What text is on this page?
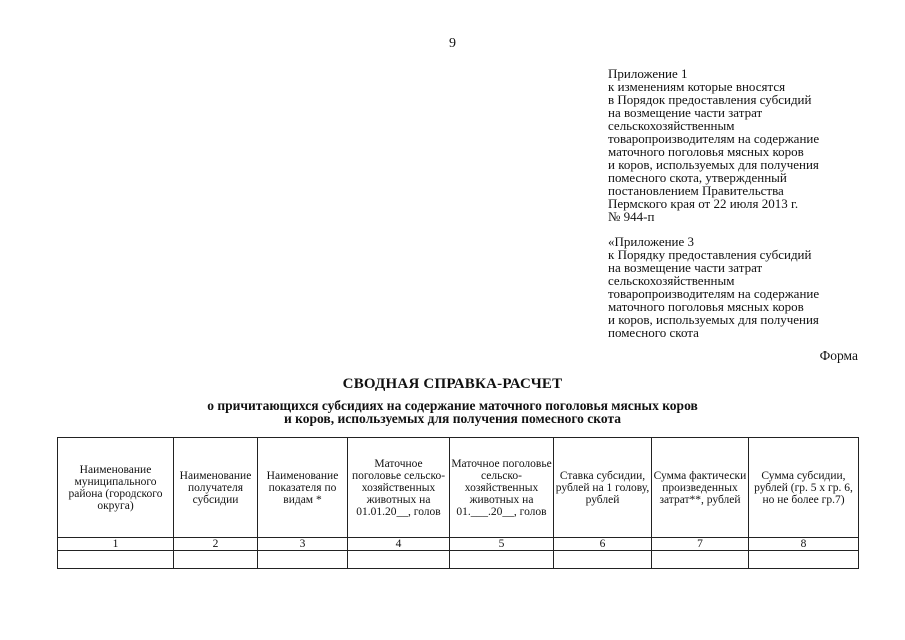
9
Приложение 1
к изменениям которые вносятся
в Порядок предоставления субсидий
на возмещение части затрат
сельскохозяйственным
товаропроизводителям на содержание
маточного поголовья мясных коров
и коров, используемых для получения
помесного скота, утвержденный
постановлением Правительства
Пермского края от 22 июля 2013 г.
№ 944-п
«Приложение 3
к Порядку предоставления субсидий
на возмещение части затрат
сельскохозяйственным
товаропроизводителям на содержание
маточного поголовья мясных коров
и коров, используемых для получения
помесного скота
Форма
СВОДНАЯ СПРАВКА-РАСЧЕТ
о причитающихся субсидиях на содержание маточного поголовья мясных коров
и коров, используемых для получения помесного скота
Наименование муниципального района (городского округа)	Наименование получателя субсидии	Наименование показателя по видам *	Маточное поголовье сельско-хозяйственных животных на 01.01.20__, голов	Маточное поголовье сельско-хозяйственных животных на 01.___.20__, голов	Ставка субсидии, рублей на 1 голову, рублей	Сумма фактически произведенных затрат**, рублей	Сумма субсидии, рублей (гр. 5 х гр. 6, но не более гр.7)
1	2	3	4	5	6	7	8
